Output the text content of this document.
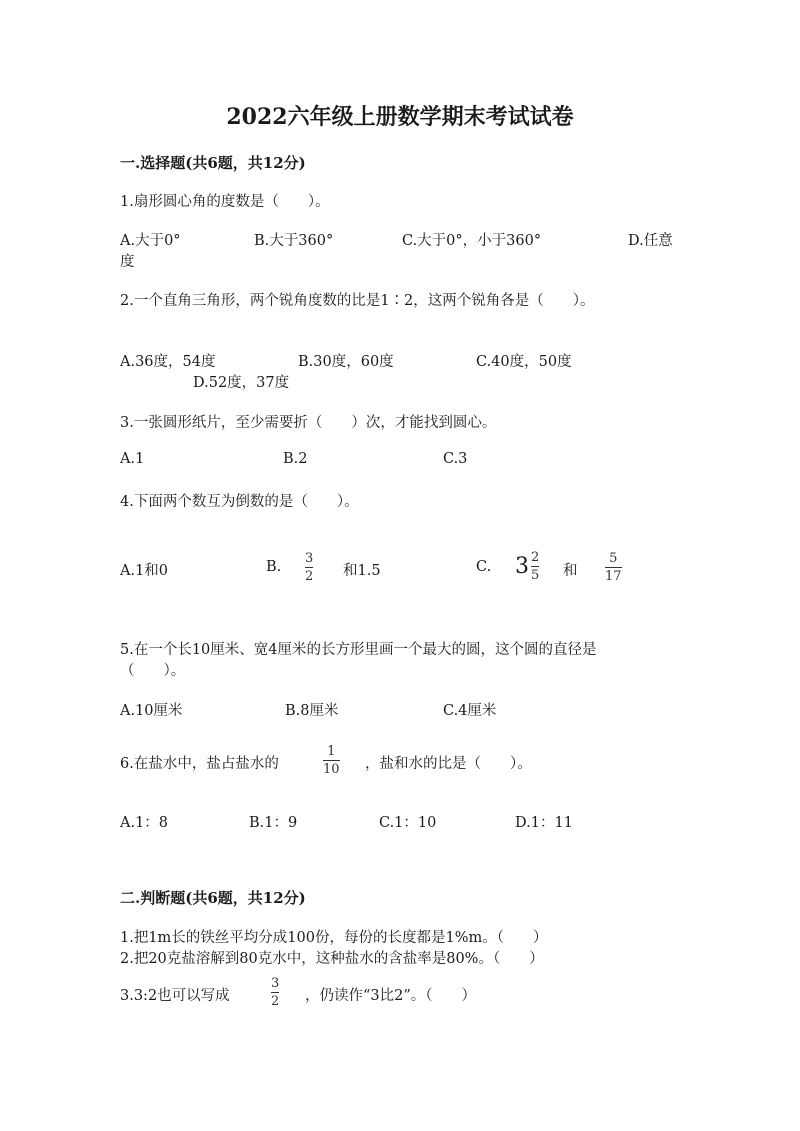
2022六年级上册数学期末考试试卷
一.选择题(共6题，共12分)
1.扇形圆心角的度数是（　　）。
A.大于0°	B.大于360°	C.大于0°，小于360°	D.任意
度
2.一个直角三角形，两个锐角度数的比是1∶2，这两个锐角各是（　　）。
A.36度，54度	B.30度，60度	C.40度，50度
D.52度，37度
3.一张圆形纸片，至少需要折（　　）次，才能找到圆心。
A.1	B.2	C.3
4.下面两个数互为倒数的是（　　）。
A.1和0	B.
3
2 和1.5	C. $3 \frac{2}{5}$ 和
5
17
5.在一个长10厘米、宽4厘米的长方形里画一个最大的圆，这个圆的直径是
（　　）。
A.10厘米	B.8厘米	C.4厘米
6.在盐水中，盐占盐水的
1
10 ，盐和水的比是（　　）。
A.1：8	B.1：9	C.1：10	D.1：11
二.判断题(共6题，共12分)
1.把1m长的铁丝平均分成100份，每份的长度都是1%m。（　　）
2.把20克盐溶解到80克水中，这种盐水的含盐率是80%。（　　）
3.3:2也可以写成
3
2 ，仍读作“3比2”。（　　）
